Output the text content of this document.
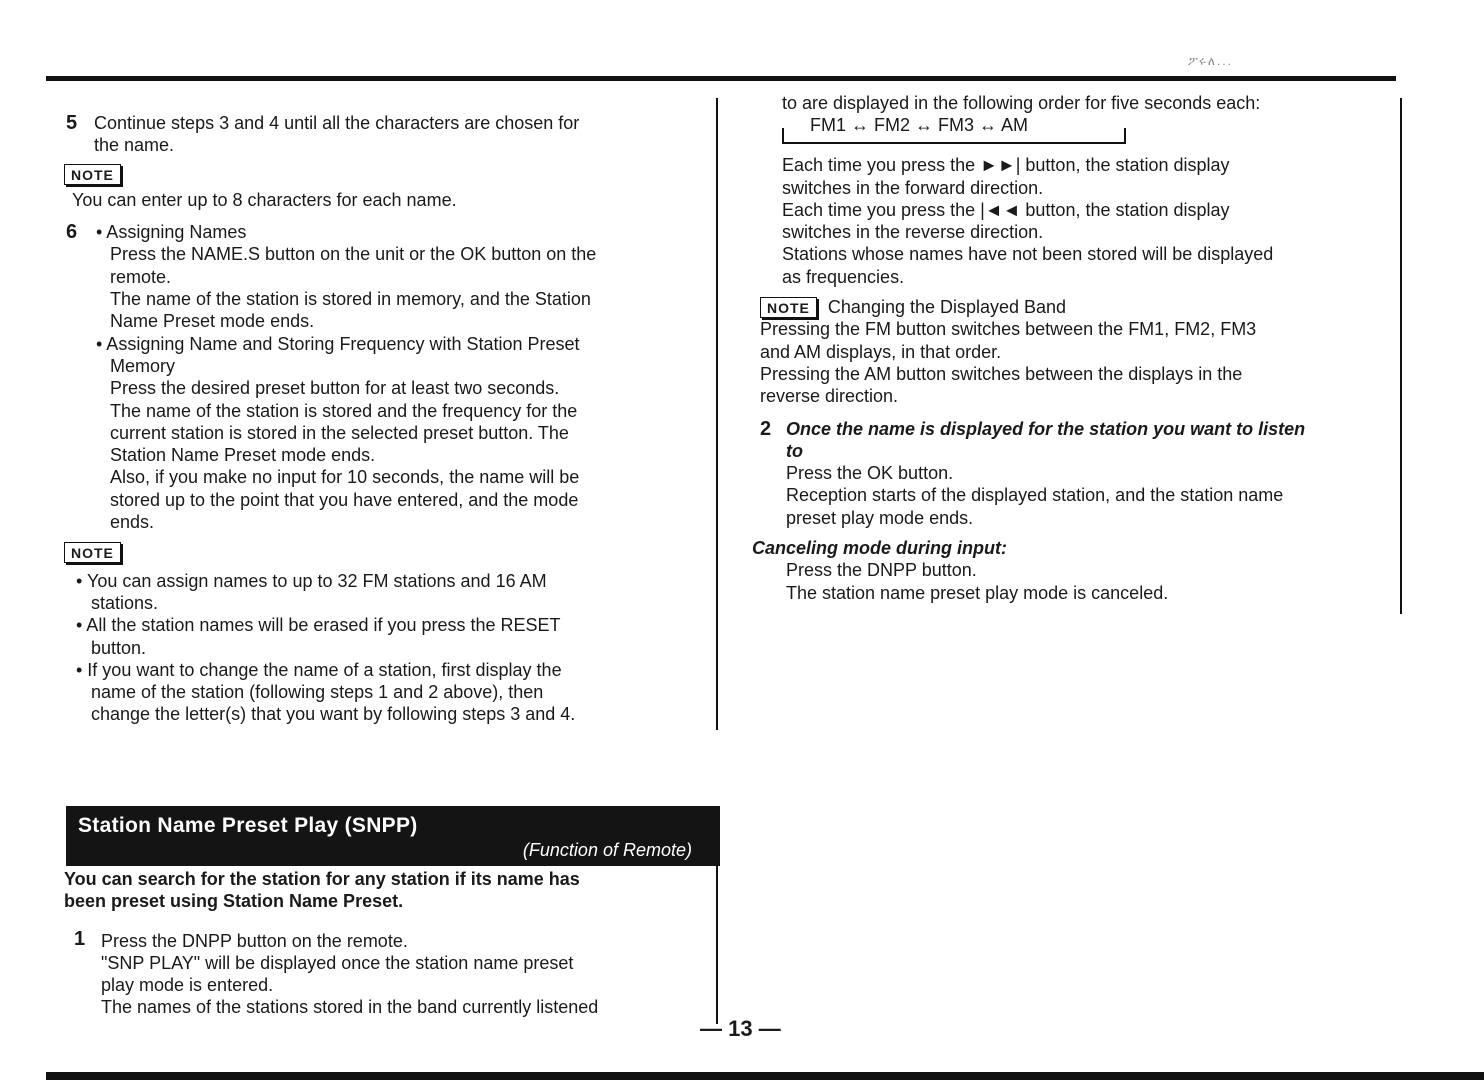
ፖሩለ...
5 Continue steps 3 and 4 until all the characters are chosen for

the name.

NOTE

You can enter up to 8 characters for each name.

6	• Assigning Names

Press the NAME.S button on the unit or the OK button on the

remote.

The name of the station is stored in memory, and the Station

Name Preset mode ends.

• Assigning Name and Storing Frequency with Station Preset

Memory

Press the desired preset button for at least two seconds.

The name of the station is stored and the frequency for the

current station is stored in the selected preset button. The

Station Name Preset mode ends.

Also, if you make no input for 10 seconds, the name will be

stored up to the point that you have entered, and the mode

ends.

NOTE

• You can assign names to up to 32 FM stations and 16 AM

stations.

• All the station names will be erased if you press the RESET

button.

• If you want to change the name of a station, first display the

name of the station (following steps 1 and 2 above), then

change the letter(s) that you want by following steps 3 and 4.

Station Name Preset Play (SNPP)
(Function of Remote)

You can search for the station for any station if its name has

been preset using Station Name Preset.

1 Press the DNPP button on the remote.

"SNP PLAY" will be displayed once the station name preset

play mode is entered.

The names of the stations stored in the band currently listened

to are displayed in the following order for five seconds each:

FM1 ↔ FM2 ↔ FM3 ↔ AM

Each time you press the ►►| button, the station display

switches in the forward direction.

Each time you press the |◄◄ button, the station display

switches in the reverse direction.

Stations whose names have not been stored will be displayed

as frequencies.

NOTE Changing the Displayed Band

Pressing the FM button switches between the FM1, FM2, FM3

and AM displays, in that order.

Pressing the AM button switches between the displays in the

reverse direction.

2 Once the name is displayed for the station you want to listen

to

Press the OK button.

Reception starts of the displayed station, and the station name

preset play mode ends.

Canceling mode during input:

Press the DNPP button.

The station name preset play mode is canceled.

— 13 —
